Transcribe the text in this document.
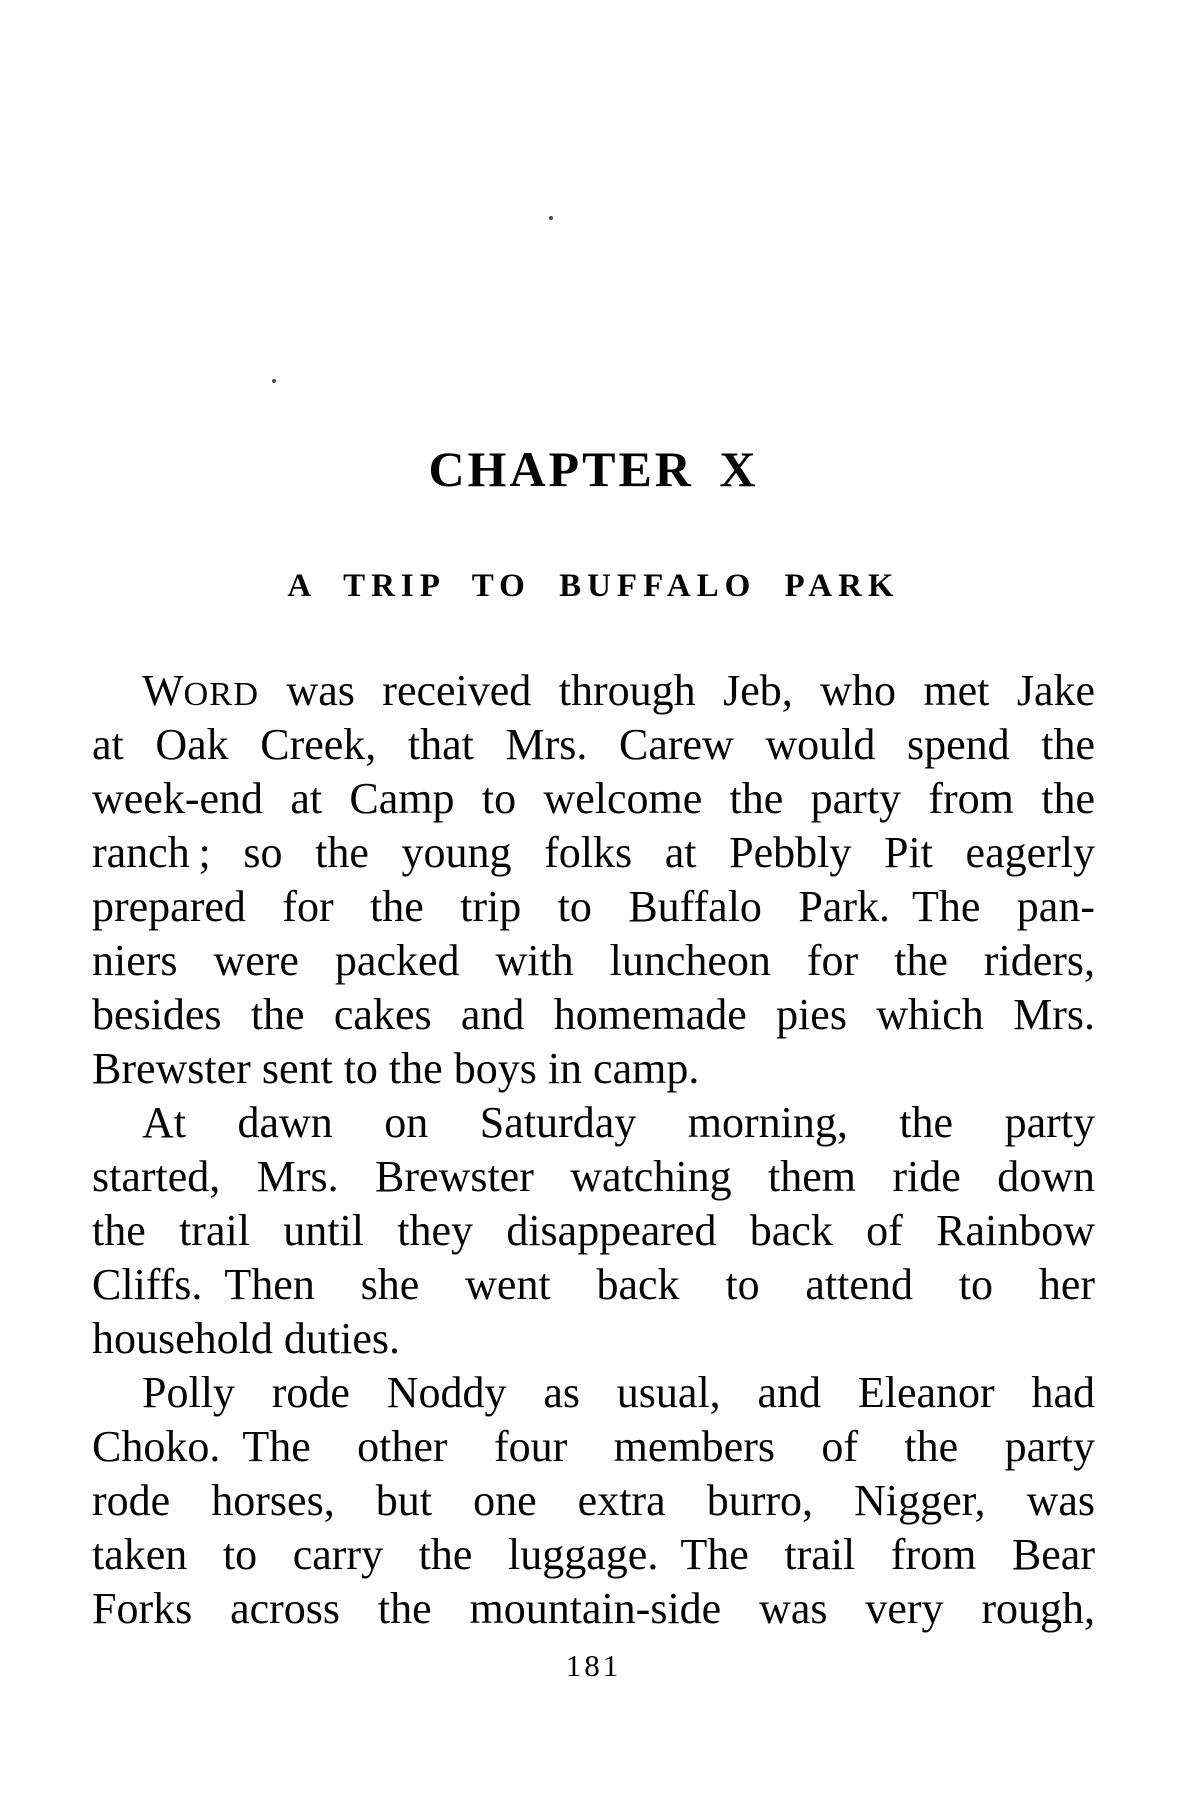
CHAPTER X
A TRIP TO BUFFALO PARK
WORD was received through Jeb, who met Jake
at Oak Creek, that Mrs. Carew would spend the
week-end at Camp to welcome the party from the
ranch ; so the young folks at Pebbly Pit eagerly
prepared for the trip to Buffalo Park. The pan-
niers were packed with luncheon for the riders,
besides the cakes and homemade pies which Mrs.
Brewster sent to the boys in camp.
At dawn on Saturday morning, the party
started, Mrs. Brewster watching them ride down
the trail until they disappeared back of Rainbow
Cliffs. Then she went back to attend to her
household duties.
Polly rode Noddy as usual, and Eleanor had
Choko. The other four members of the party
rode horses, but one extra burro, Nigger, was
taken to carry the luggage. The trail from Bear
Forks across the mountain-side was very rough,
181
